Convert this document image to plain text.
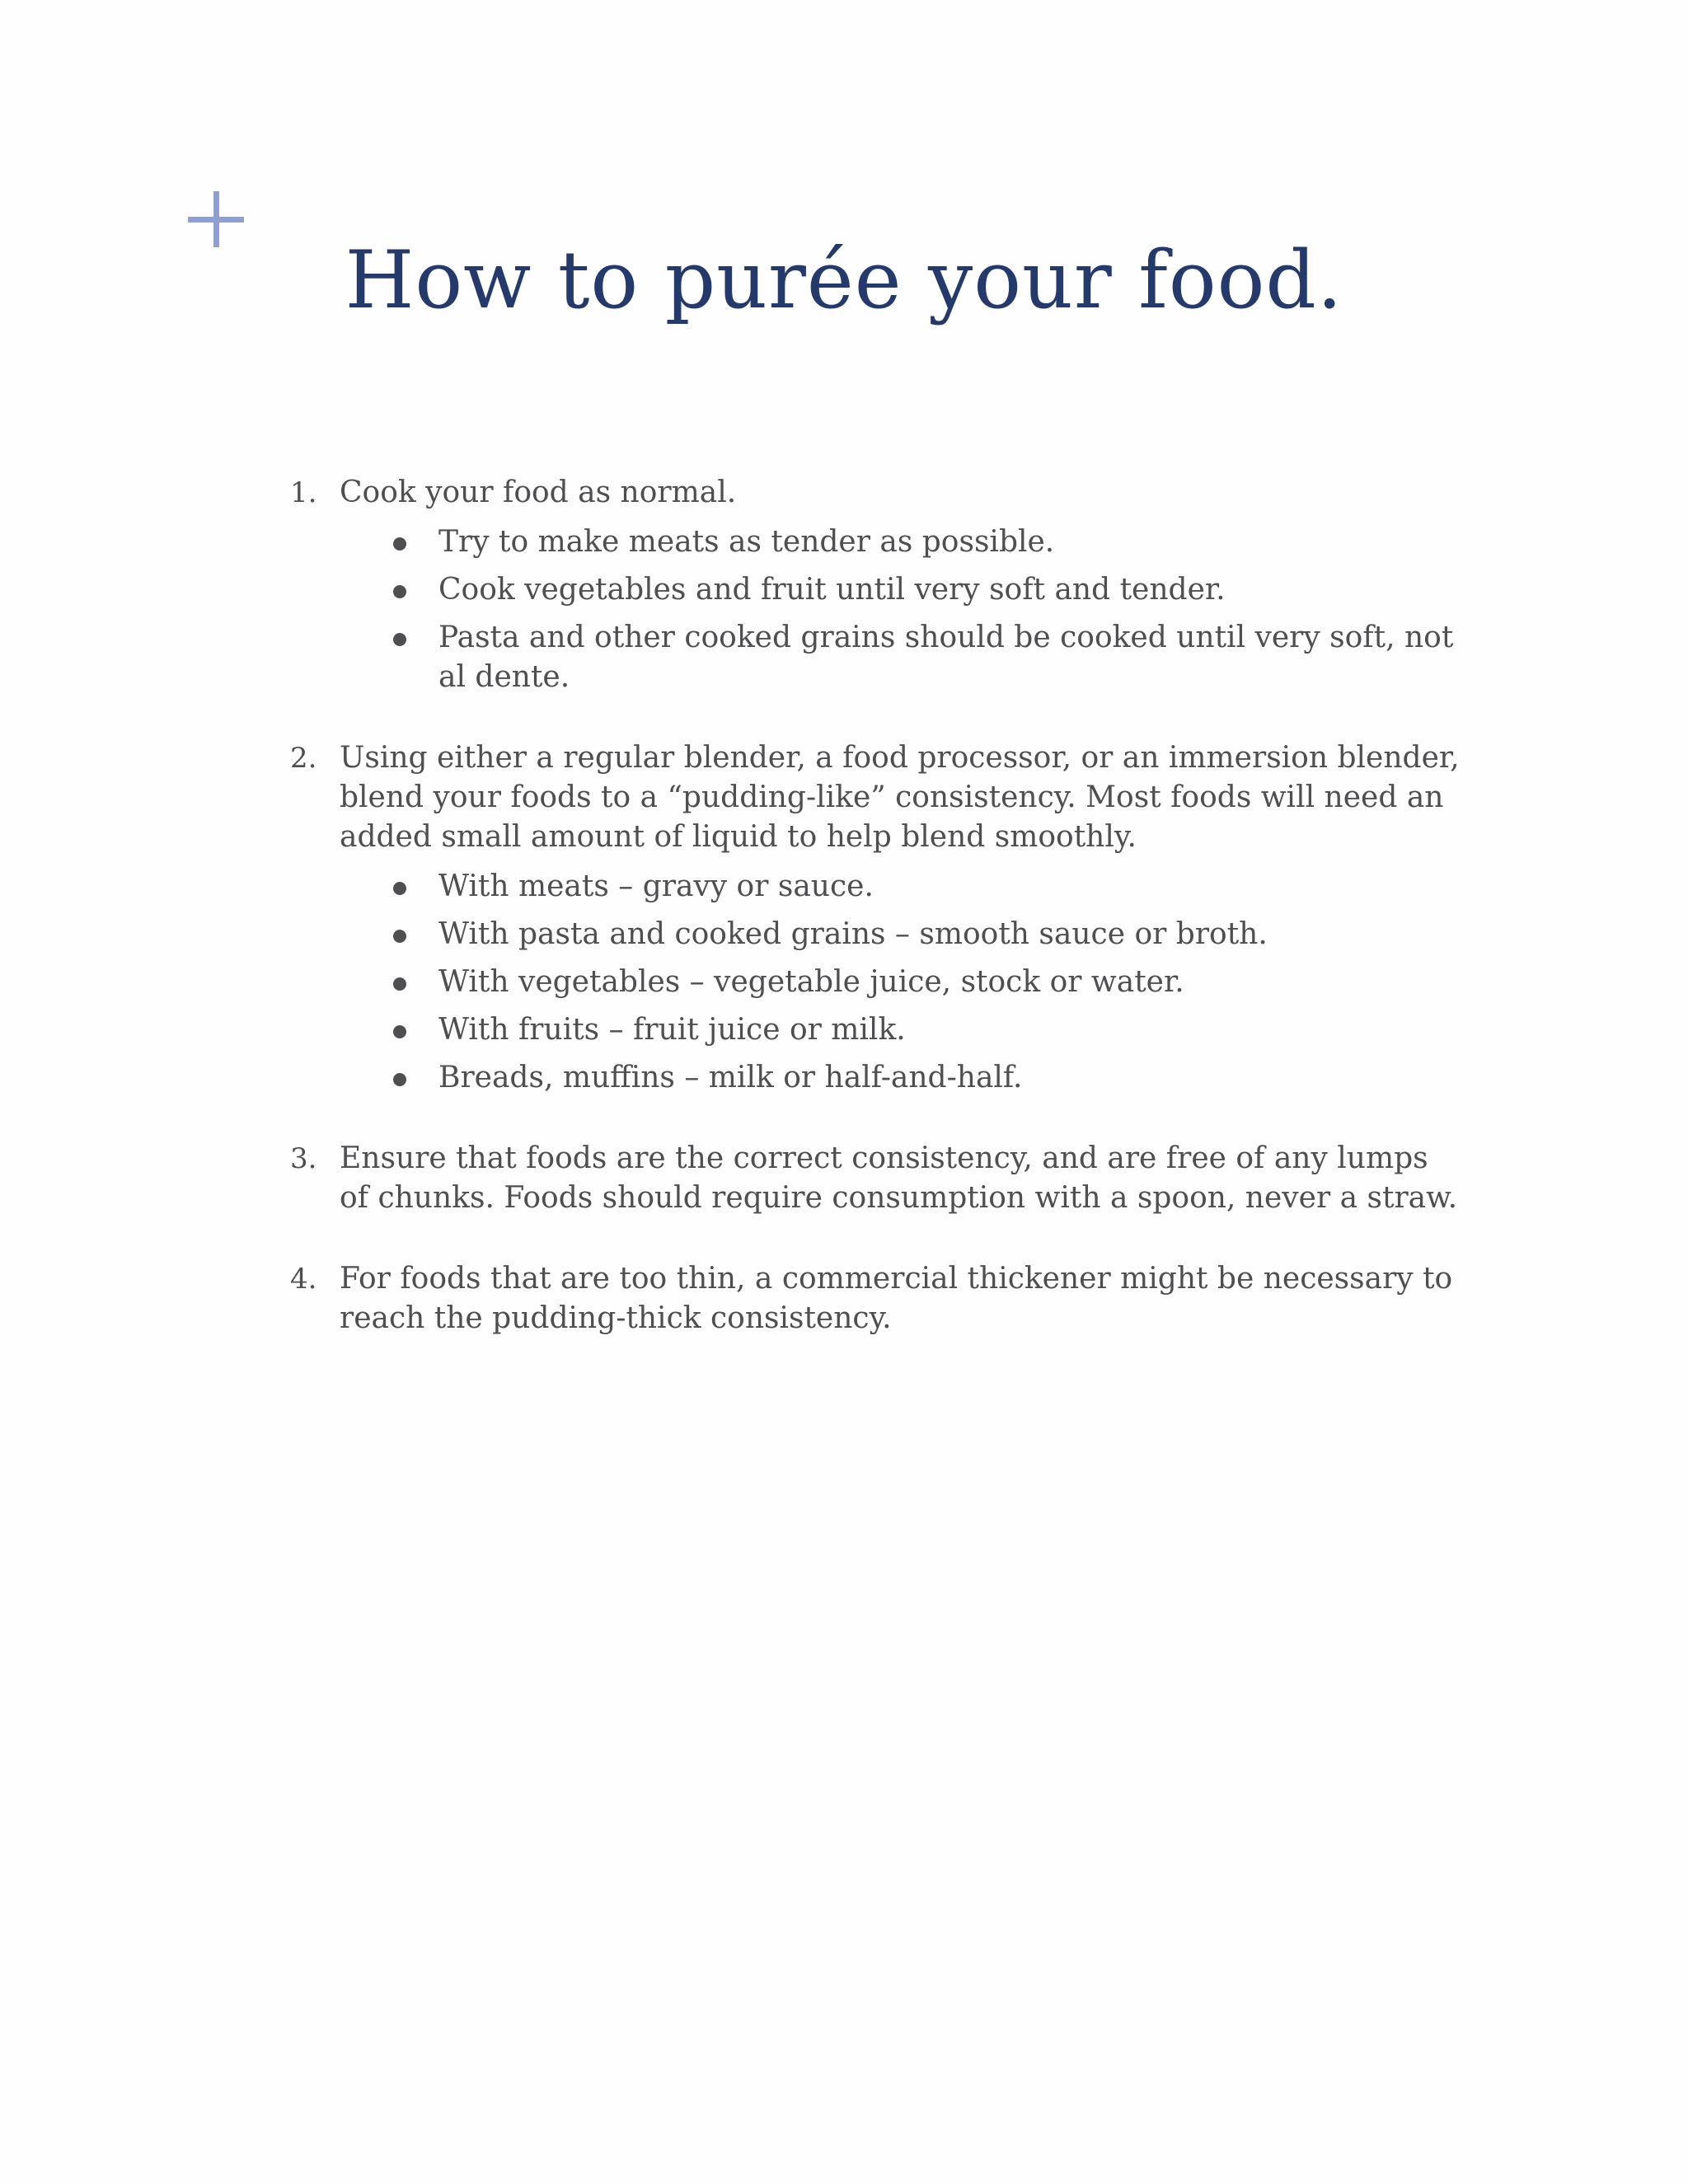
How to purée your food.
1. Cook your food as normal.
Try to make meats as tender as possible.
Cook vegetables and fruit until very soft and tender.
Pasta and other cooked grains should be cooked until very soft, not al dente.
2. Using either a regular blender, a food processor, or an immersion blender, blend your foods to a “pudding-like” consistency. Most foods will need an added small amount of liquid to help blend smoothly.
With meats – gravy or sauce.
With pasta and cooked grains – smooth sauce or broth.
With vegetables – vegetable juice, stock or water.
With fruits – fruit juice or milk.
Breads, muffins – milk or half-and-half.
3. Ensure that foods are the correct consistency, and are free of any lumps of chunks. Foods should require consumption with a spoon, never a straw.
4. For foods that are too thin, a commercial thickener might be necessary to reach the pudding-thick consistency.
